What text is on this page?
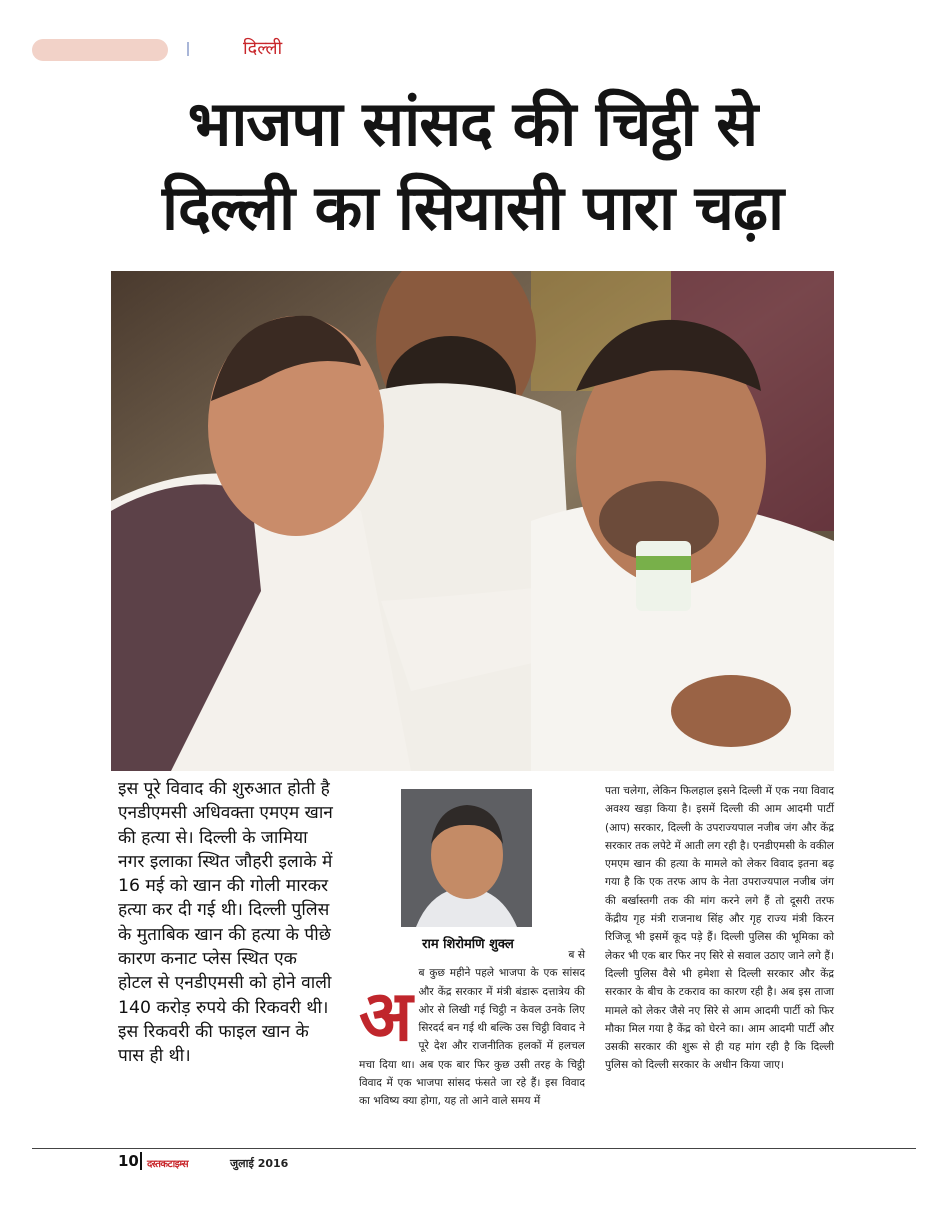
दिल्ली
भाजपा सांसद की चिट्ठी से
दिल्ली का सियासी पारा चढ़ा
इस पूरे विवाद की शुरुआत होती है एनडीएमसी अधिवक्ता एमएम खान की हत्या से। दिल्ली के जामिया नगर इलाका स्थित जौहरी इलाके में 16 मई को खान की गोली मारकर हत्या कर दी गई थी। दिल्ली पुलिस के मुताबिक खान की हत्या के पीछे कारण कनाट प्लेस स्थित एक होटल से एनडीएमसी को होने वाली 140 करोड़ रुपये की रिकवरी थी। इस रिकवरी की फाइल खान के पास ही थी।
राम शिरोमणि शुक्ल
ब से
अ
ब कुछ महीने पहले भाजपा के एक सांसद और केंद्र सरकार में मंत्री बंडारू दत्तात्रेय की ओर से लिखी गई चिट्ठी न केवल उनके लिए सिरदर्द बन गई थी बल्कि उस चिट्ठी विवाद ने पूरे देश और राजनीतिक हलकों में हलचल मचा दिया था। अब एक बार फिर कुछ उसी तरह के चिट्ठी विवाद में एक भाजपा सांसद फंसते जा रहे हैं। इस विवाद का भविष्य क्या होगा, यह तो आने वाले समय में
पता चलेगा, लेकिन फिलहाल इसने दिल्ली में एक नया विवाद अवश्य खड़ा किया है। इसमें दिल्ली की आम आदमी पार्टी (आप) सरकार, दिल्ली के उपराज्यपाल नजीब जंग और केंद्र सरकार तक लपेटे में आती लग रही है। एनडीएमसी के वकील एमएम खान की हत्या के मामले को लेकर विवाद इतना बढ़ गया है कि एक तरफ आप के नेता उपराज्यपाल नजीब जंग की बर्खास्तगी तक की मांग करने लगे हैं तो दूसरी तरफ केंद्रीय गृह मंत्री राजनाथ सिंह और गृह राज्य मंत्री किरन रिजिजू भी इसमें कूद पड़े हैं। दिल्ली पुलिस की भूमिका को लेकर भी एक बार फिर नए सिरे से सवाल उठाए जाने लगे हैं। दिल्ली पुलिस वैसे भी हमेशा से दिल्ली सरकार और केंद्र सरकार के बीच के टकराव का कारण रही है। अब इस ताजा मामले को लेकर जैसे नए सिरे से आम आदमी पार्टी को फिर मौका मिल गया है केंद्र को घेरने का। आम आदमी पार्टी और उसकी सरकार की शुरू से ही यह मांग रही है कि दिल्ली पुलिस को दिल्ली सरकार के अधीन किया जाए।
10 दस्तकटाइम्स	जुलाई 2016
